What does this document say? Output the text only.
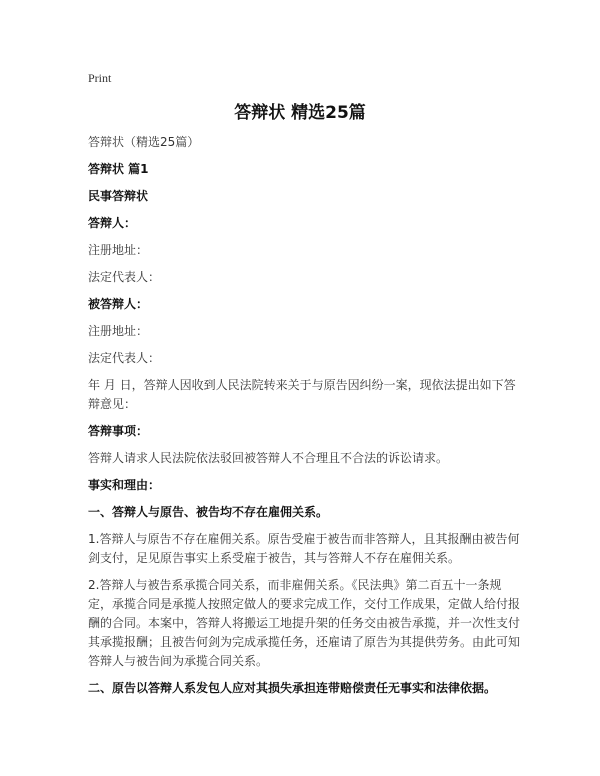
Print
答辩状 精选25篇

答辩状（精选25篇）

答辩状 篇1

民事答辩状

答辩人：

注册地址：

法定代表人：

被答辩人：

注册地址：

法定代表人：

年 月 日，答辩人因收到人民法院转来关于与原告因纠纷一案，现依法提出如下答辩意见：

答辩事项：

答辩人请求人民法院依法驳回被答辩人不合理且不合法的诉讼请求。

事实和理由：

一、答辩人与原告、被告均不存在雇佣关系。

1.答辩人与原告不存在雇佣关系。原告受雇于被告而非答辩人，且其报酬由被告何剑支付，足见原告事实上系受雇于被告，其与答辩人不存在雇佣关系。

2.答辩人与被告系承揽合同关系，而非雇佣关系。《民法典》第二百五十一条规定，承揽合同是承揽人按照定做人的要求完成工作，交付工作成果，定做人给付报酬的合同。本案中，答辩人将搬运工地提升架的任务交由被告承揽，并一次性支付其承揽报酬；且被告何剑为完成承揽任务，还雇请了原告为其提供劳务。由此可知答辩人与被告间为承揽合同关系。

二、原告以答辩人系发包人应对其损失承担连带赔偿责任无事实和法律依据。
